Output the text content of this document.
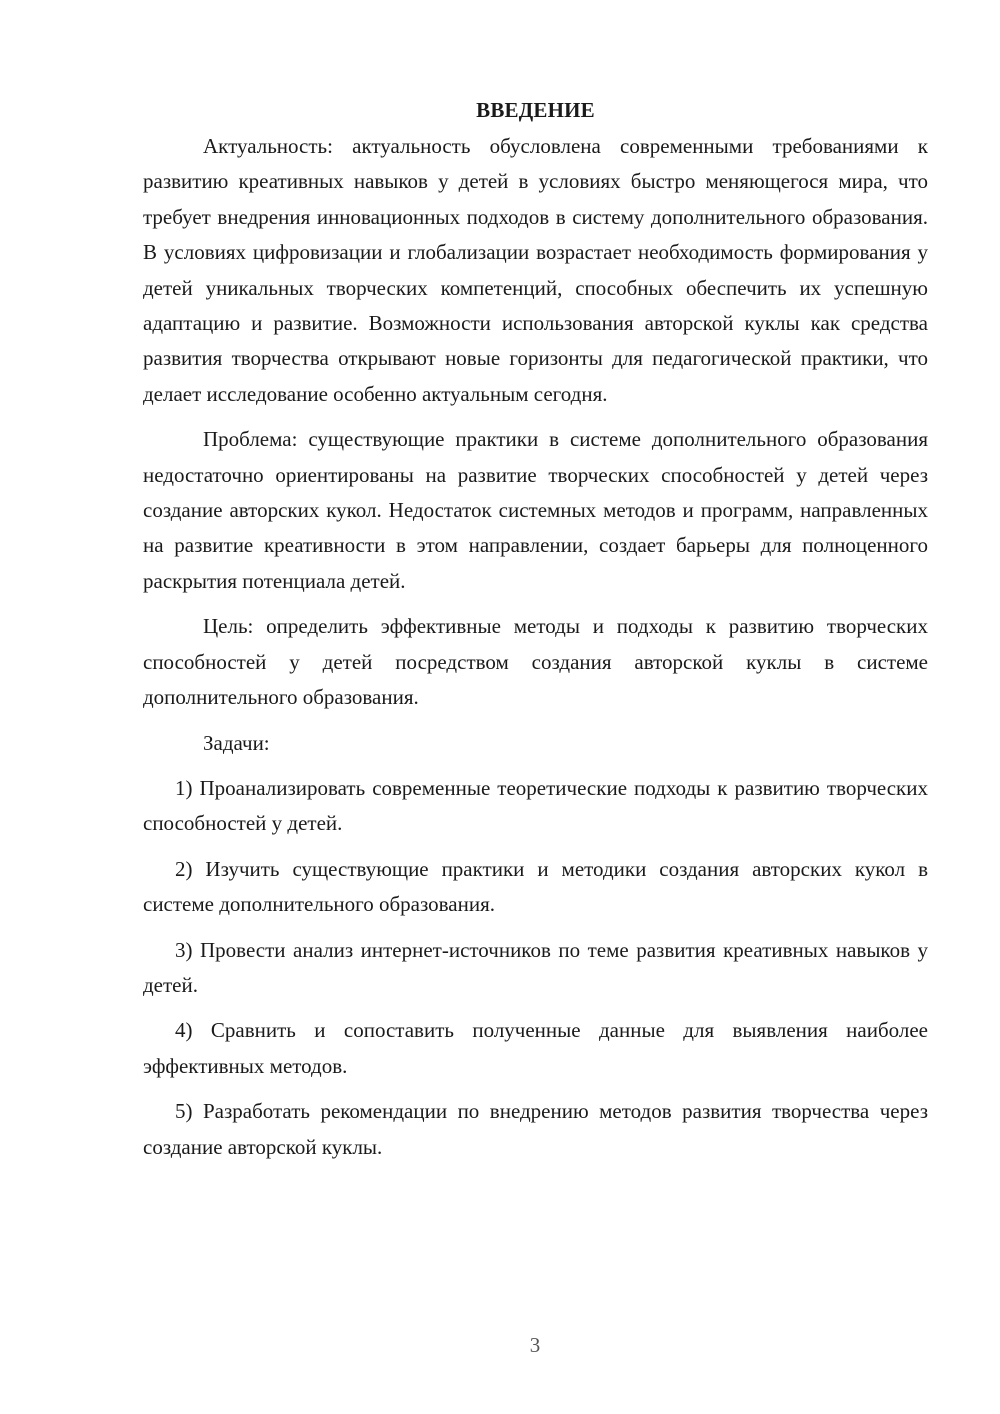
ВВЕДЕНИЕ

Актуальность: актуальность обусловлена современными требованиями к развитию креативных навыков у детей в условиях быстро меняющегося мира, что требует внедрения инновационных подходов в систему дополнительного образования. В условиях цифровизации и глобализации возрастает необходимость формирования у детей уникальных творческих компетенций, способных обеспечить их успешную адаптацию и развитие. Возможности использования авторской куклы как средства развития творчества открывают новые горизонты для педагогической практики, что делает исследование особенно актуальным сегодня.

Проблема: существующие практики в системе дополнительного образования недостаточно ориентированы на развитие творческих способностей у детей через создание авторских кукол. Недостаток системных методов и программ, направленных на развитие креативности в этом направлении, создает барьеры для полноценного раскрытия потенциала детей.

Цель: определить эффективные методы и подходы к развитию творческих способностей у детей посредством создания авторской куклы в системе дополнительного образования.

Задачи:

1) Проанализировать современные теоретические подходы к развитию творческих способностей у детей.

2) Изучить существующие практики и методики создания авторских кукол в системе дополнительного образования.

3) Провести анализ интернет-источников по теме развития креативных навыков у детей.

4) Сравнить и сопоставить полученные данные для выявления наиболее эффективных методов.

5) Разработать рекомендации по внедрению методов развития творчества через создание авторской куклы.

3
